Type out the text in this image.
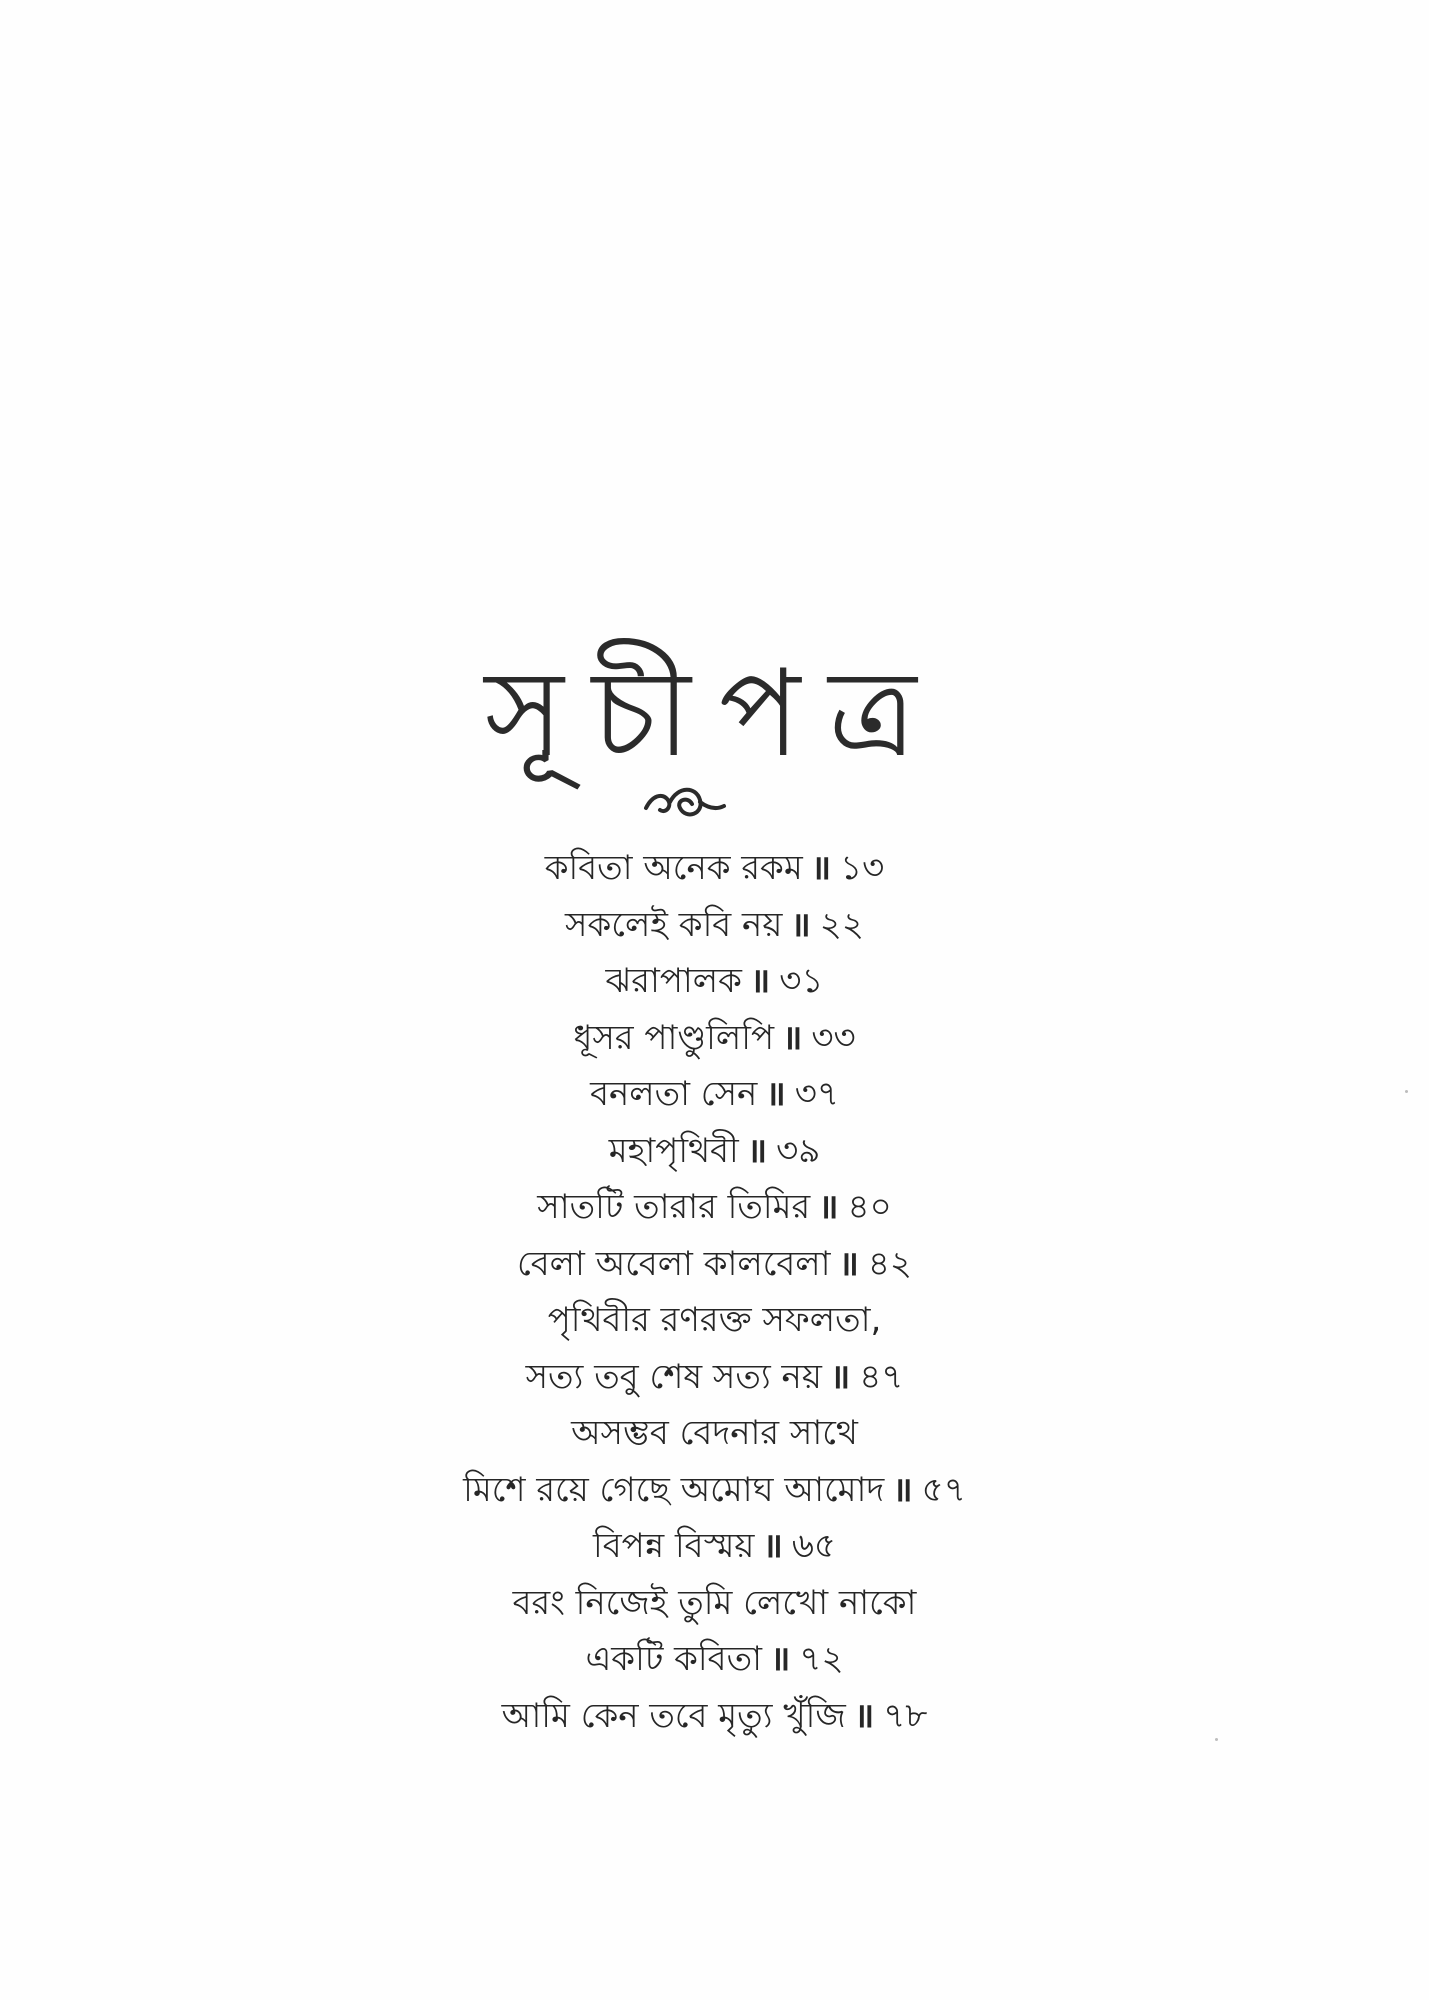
সূচীপত্র
কবিতা অনেক রকম ॥ ১৩
সকলেই কবি নয় ॥ ২২
ঝরাপালক ॥ ৩১
ধূসর পাণ্ডুলিপি ॥ ৩৩
বনলতা সেন ॥ ৩৭
মহাপৃথিবী ॥ ৩৯
সাতটি তারার তিমির ॥ ৪০
বেলা অবেলা কালবেলা ॥ ৪২
পৃথিবীর রণরক্ত সফলতা,
সত্য তবু শেষ সত্য নয় ॥ ৪৭
অসম্ভব বেদনার সাথে
মিশে রয়ে গেছে অমোঘ আমোদ ॥ ৫৭
বিপন্ন বিস্ময় ॥ ৬৫
বরং নিজেই তুমি লেখো নাকো
একটি কবিতা ॥ ৭২
আমি কেন তবে মৃত্যু খুঁজি ॥ ৭৮
